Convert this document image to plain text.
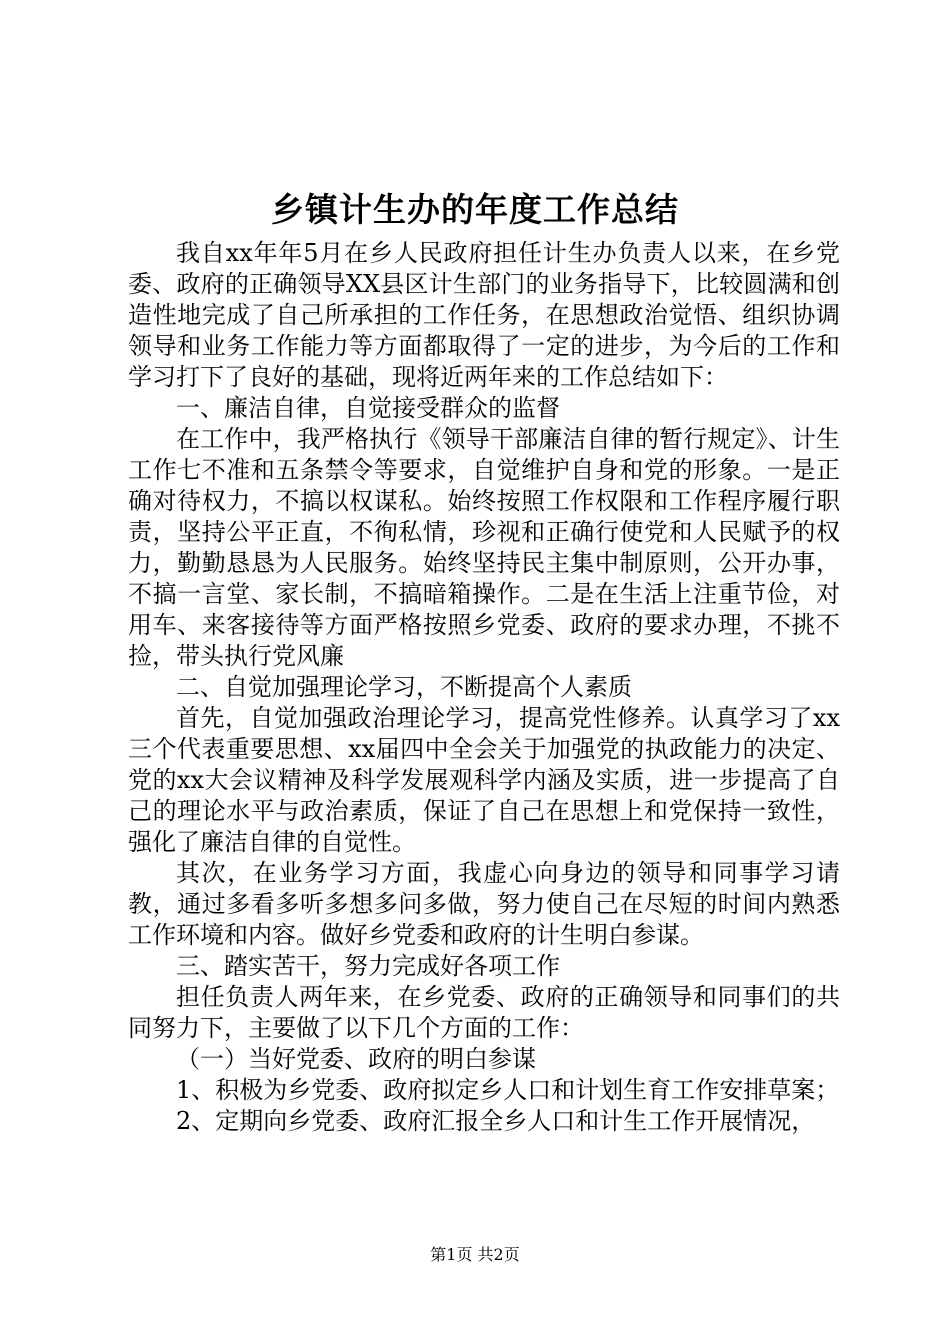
乡镇计生办的年度工作总结

我自xx年年5月在乡人民政府担任计生办负责人以来，在乡党委、政府的正确领导XX县区计生部门的业务指导下，比较圆满和创造性地完成了自己所承担的工作任务，在思想政治觉悟、组织协调领导和业务工作能力等方面都取得了一定的进步，为今后的工作和学习打下了良好的基础，现将近两年来的工作总结如下：

一、廉洁自律，自觉接受群众的监督

在工作中，我严格执行《领导干部廉洁自律的暂行规定》、计生工作七不准和五条禁令等要求，自觉维护自身和党的形象。一是正确对待权力，不搞以权谋私。始终按照工作权限和工作程序履行职责，坚持公平正直，不徇私情，珍视和正确行使党和人民赋予的权力，勤勤恳恳为人民服务。始终坚持民主集中制原则，公开办事，不搞一言堂、家长制，不搞暗箱操作。二是在生活上注重节俭，对用车、来客接待等方面严格按照乡党委、政府的要求办理，不挑不捡，带头执行党风廉

二、自觉加强理论学习，不断提高个人素质

首先，自觉加强政治理论学习，提高党性修养。认真学习了xx三个代表重要思想、xx届四中全会关于加强党的执政能力的决定、党的xx大会议精神及科学发展观科学内涵及实质，进一步提高了自己的理论水平与政治素质，保证了自己在思想上和党保持一致性，强化了廉洁自律的自觉性。

其次，在业务学习方面，我虚心向身边的领导和同事学习请教，通过多看多听多想多问多做，努力使自己在尽短的时间内熟悉工作环境和内容。做好乡党委和政府的计生明白参谋。

三、踏实苦干，努力完成好各项工作

担任负责人两年来，在乡党委、政府的正确领导和同事们的共同努力下，主要做了以下几个方面的工作：

（一）当好党委、政府的明白参谋

1、积极为乡党委、政府拟定乡人口和计划生育工作安排草案；

2、定期向乡党委、政府汇报全乡人口和计生工作开展情况，

第1页 共2页
